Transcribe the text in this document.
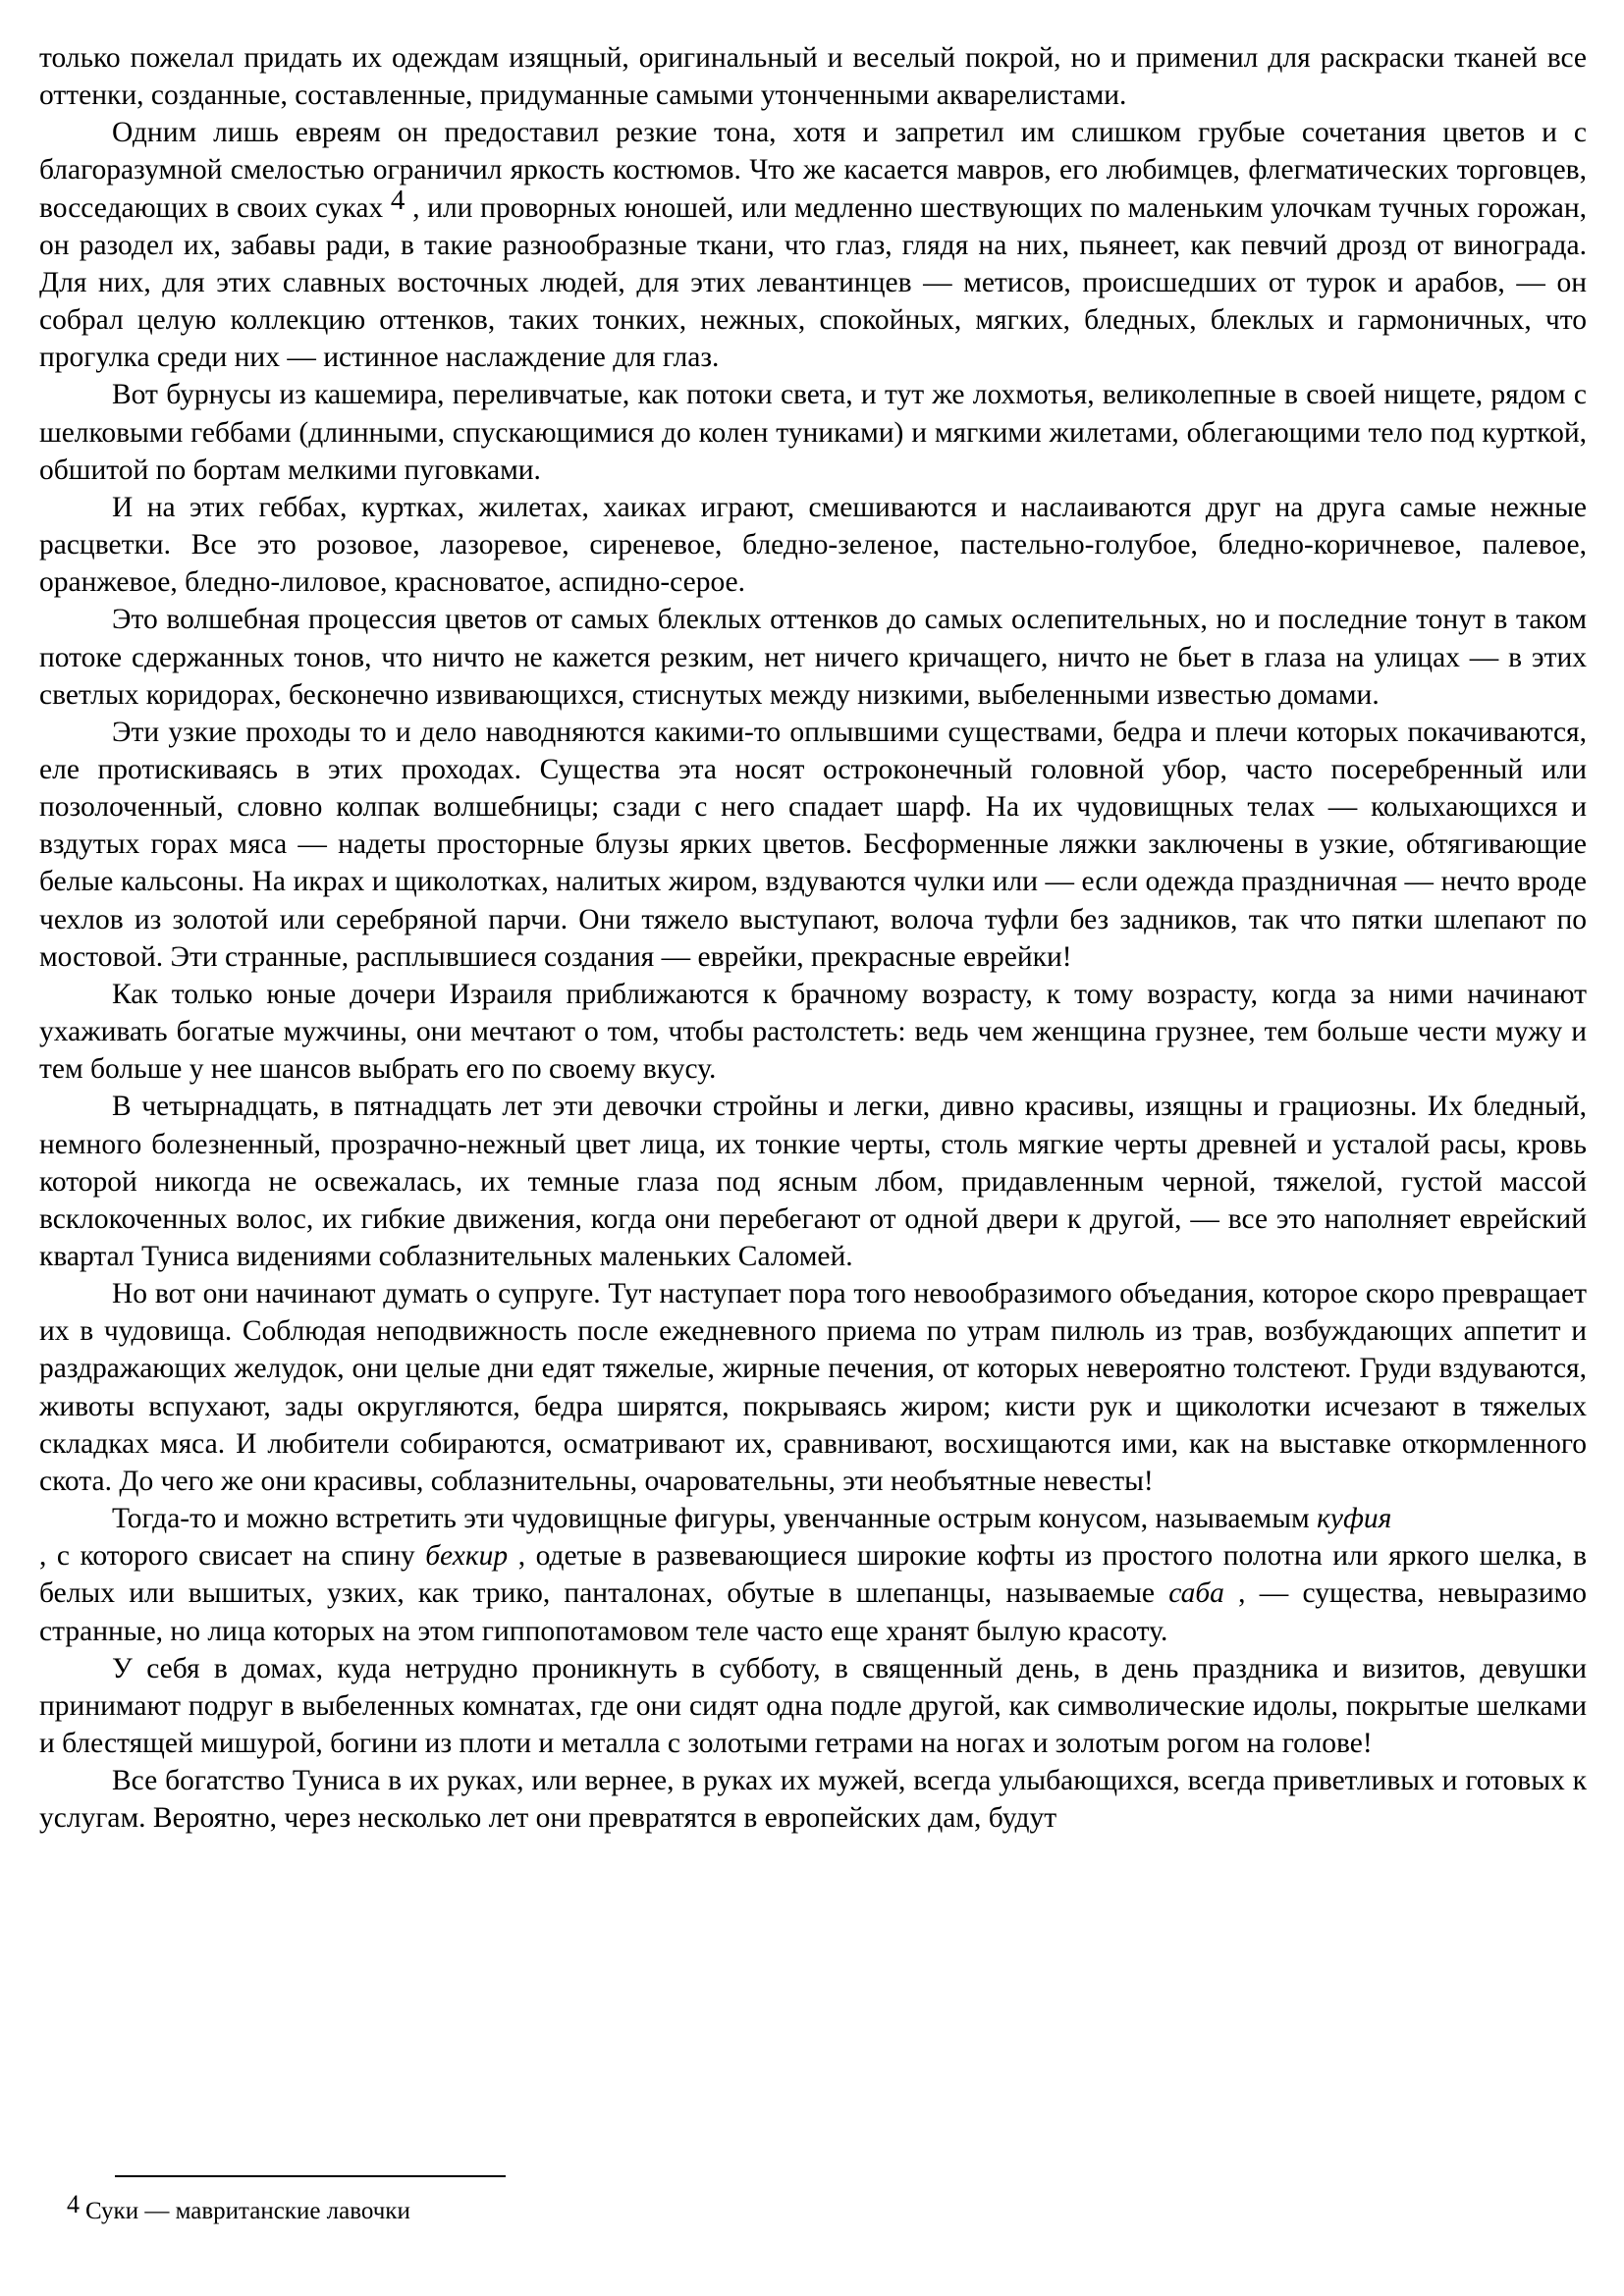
только пожелал придать их одеждам изящный, оригинальный и веселый покрой, но и применил для раскраски тканей все оттенки, созданные, составленные, придуманные самыми утонченными акварелистами.

Одним лишь евреям он предоставил резкие тона, хотя и запретил им слишком грубые сочетания цветов и с благоразумной смелостью ограничил яркость костюмов. Что же касается мавров, его любимцев, флегматических торговцев, восседающих в своих суках $^4$ , или проворных юношей, или медленно шествующих по маленьким улочкам тучных горожан, он разодел их, забавы ради, в такие разнообразные ткани, что глаз, глядя на них, пьянеет, как певчий дрозд от винограда. Для них, для этих славных восточных людей, для этих левантинцев — метисов, происшедших от турок и арабов, — он собрал целую коллекцию оттенков, таких тонких, нежных, спокойных, мягких, бледных, блеклых и гармоничных, что прогулка среди них — истинное наслаждение для глаз.

Вот бурнусы из кашемира, переливчатые, как потоки света, и тут же лохмотья, великолепные в своей нищете, рядом с шелковыми геббами (длинными, спускающимися до колен туниками) и мягкими жилетами, облегающими тело под курткой, обшитой по бортам мелкими пуговками.

И на этих геббах, куртках, жилетах, хаиках играют, смешиваются и наслаиваются друг на друга самые нежные расцветки. Все это розовое, лазоревое, сиреневое, бледно-зеленое, пастельно-голубое, бледно-коричневое, палевое, оранжевое, бледно-лиловое, красноватое, аспидно-серое.

Это волшебная процессия цветов от самых блеклых оттенков до самых ослепительных, но и последние тонут в таком потоке сдержанных тонов, что ничто не кажется резким, нет ничего кричащего, ничто не бьет в глаза на улицах — в этих светлых коридорах, бесконечно извивающихся, стиснутых между низкими, выбеленными известью домами.

Эти узкие проходы то и дело наводняются какими-то оплывшими существами, бедра и плечи которых покачиваются, еле протискиваясь в этих проходах. Существа эта носят остроконечный головной убор, часто посеребренный или позолоченный, словно колпак волшебницы; сзади с него спадает шарф. На их чудовищных телах — колыхающихся и вздутых горах мяса — надеты просторные блузы ярких цветов. Бесформенные ляжки заключены в узкие, обтягивающие белые кальсоны. На икрах и щиколотках, налитых жиром, вздуваются чулки или — если одежда праздничная — нечто вроде чехлов из золотой или серебряной парчи. Они тяжело выступают, волоча туфли без задников, так что пятки шлепают по мостовой. Эти странные, расплывшиеся создания — еврейки, прекрасные еврейки!

Как только юные дочери Израиля приближаются к брачному возрасту, к тому возрасту, когда за ними начинают ухаживать богатые мужчины, они мечтают о том, чтобы растолстеть: ведь чем женщина грузнее, тем больше чести мужу и тем больше у нее шансов выбрать его по своему вкусу.

В четырнадцать, в пятнадцать лет эти девочки стройны и легки, дивно красивы, изящны и грациозны. Их бледный, немного болезненный, прозрачно-нежный цвет лица, их тонкие черты, столь мягкие черты древней и усталой расы, кровь которой никогда не освежалась, их темные глаза под ясным лбом, придавленным черной, тяжелой, густой массой всклокоченных волос, их гибкие движения, когда они перебегают от одной двери к другой, — все это наполняет еврейский квартал Туниса видениями соблазнительных маленьких Саломей.

Но вот они начинают думать о супруге. Тут наступает пора того невообразимого объедания, которое скоро превращает их в чудовища. Соблюдая неподвижность после ежедневного приема по утрам пилюль из трав, возбуждающих аппетит и раздражающих желудок, они целые дни едят тяжелые, жирные печения, от которых невероятно толстеют. Груди вздуваются, животы вспухают, зады округляются, бедра ширятся, покрываясь жиром; кисти рук и щиколотки исчезают в тяжелых складках мяса. И любители собираются, осматривают их, сравнивают, восхищаются ими, как на выставке откормленного скота. До чего же они красивы, соблазнительны, очаровательны, эти необъятные невесты!

Тогда-то и можно встретить эти чудовищные фигуры, увенчанные острым конусом, называемым куфия
, с которого свисает на спину бехкир , одетые в развевающиеся широкие кофты из простого полотна или яркого шелка, в белых или вышитых, узких, как трико, панталонах, обутые в шлепанцы, называемые саба , — существа, невыразимо странные, но лица которых на этом гиппопотамовом теле часто еще хранят былую красоту.

У себя в домах, куда нетрудно проникнуть в субботу, в священный день, в день праздника и визитов, девушки принимают подруг в выбеленных комнатах, где они сидят одна подле другой, как символические идолы, покрытые шелками и блестящей мишурой, богини из плоти и металла с золотыми гетрами на ногах и золотым рогом на голове!

Все богатство Туниса в их руках, или вернее, в руках их мужей, всегда улыбающихся, всегда приветливых и готовых к услугам. Вероятно, через несколько лет они превратятся в европейских дам, будут

4 Суки — мавританские лавочки
